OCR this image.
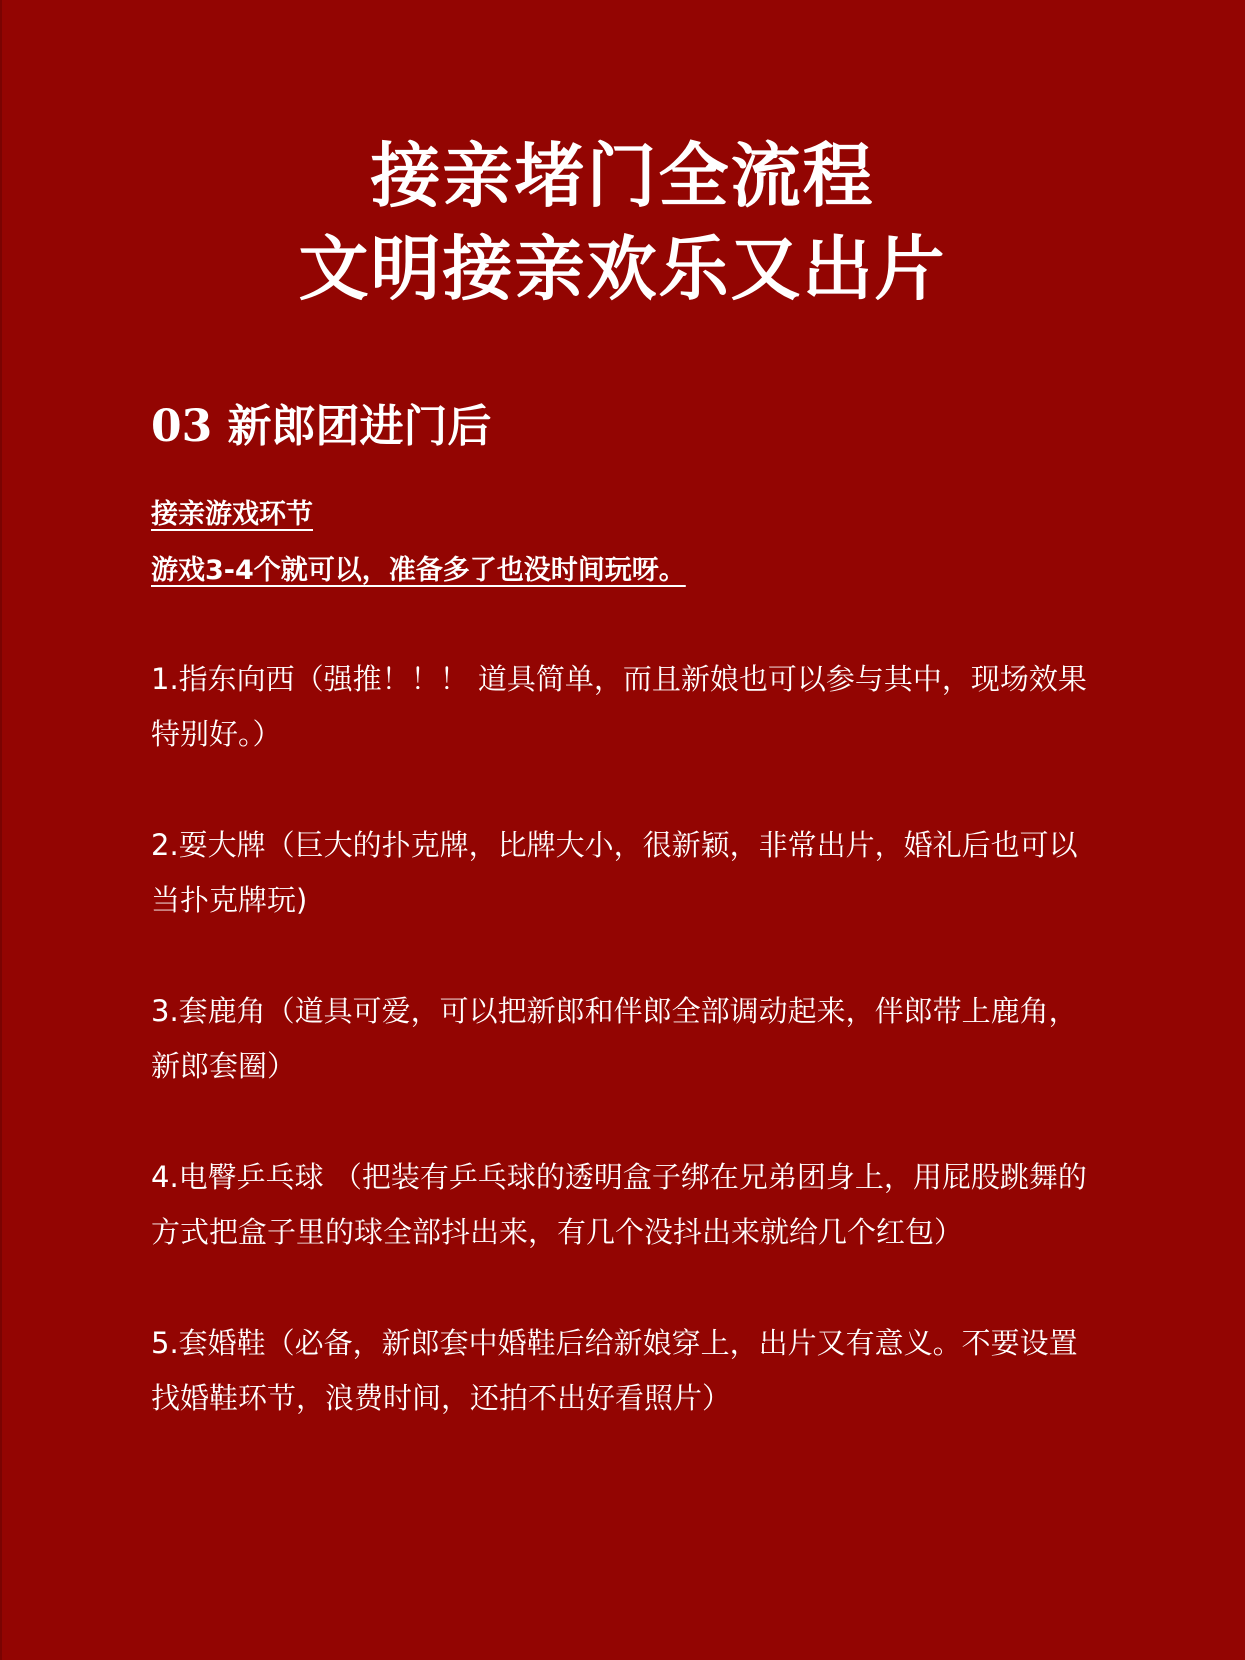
接亲堵门全流程
文明接亲欢乐又出片
03 新郎团进门后

接亲游戏环节

游戏3-4个就可以，准备多了也没时间玩呀。

1.指东向西（强推！！！ 道具简单，而且新娘也可以参与其中，现场效果特别好。）
2.耍大牌（巨大的扑克牌，比牌大小，很新颖，非常出片，婚礼后也可以当扑克牌玩)
3.套鹿角（道具可爱，可以把新郎和伴郎全部调动起来，伴郎带上鹿角，新郎套圈）
4.电臀乒乓球 （把装有乒乓球的透明盒子绑在兄弟团身上，用屁股跳舞的方式把盒子里的球全部抖出来，有几个没抖出来就给几个红包）
5.套婚鞋（必备，新郎套中婚鞋后给新娘穿上，出片又有意义。不要设置找婚鞋环节，浪费时间，还拍不出好看照片）
